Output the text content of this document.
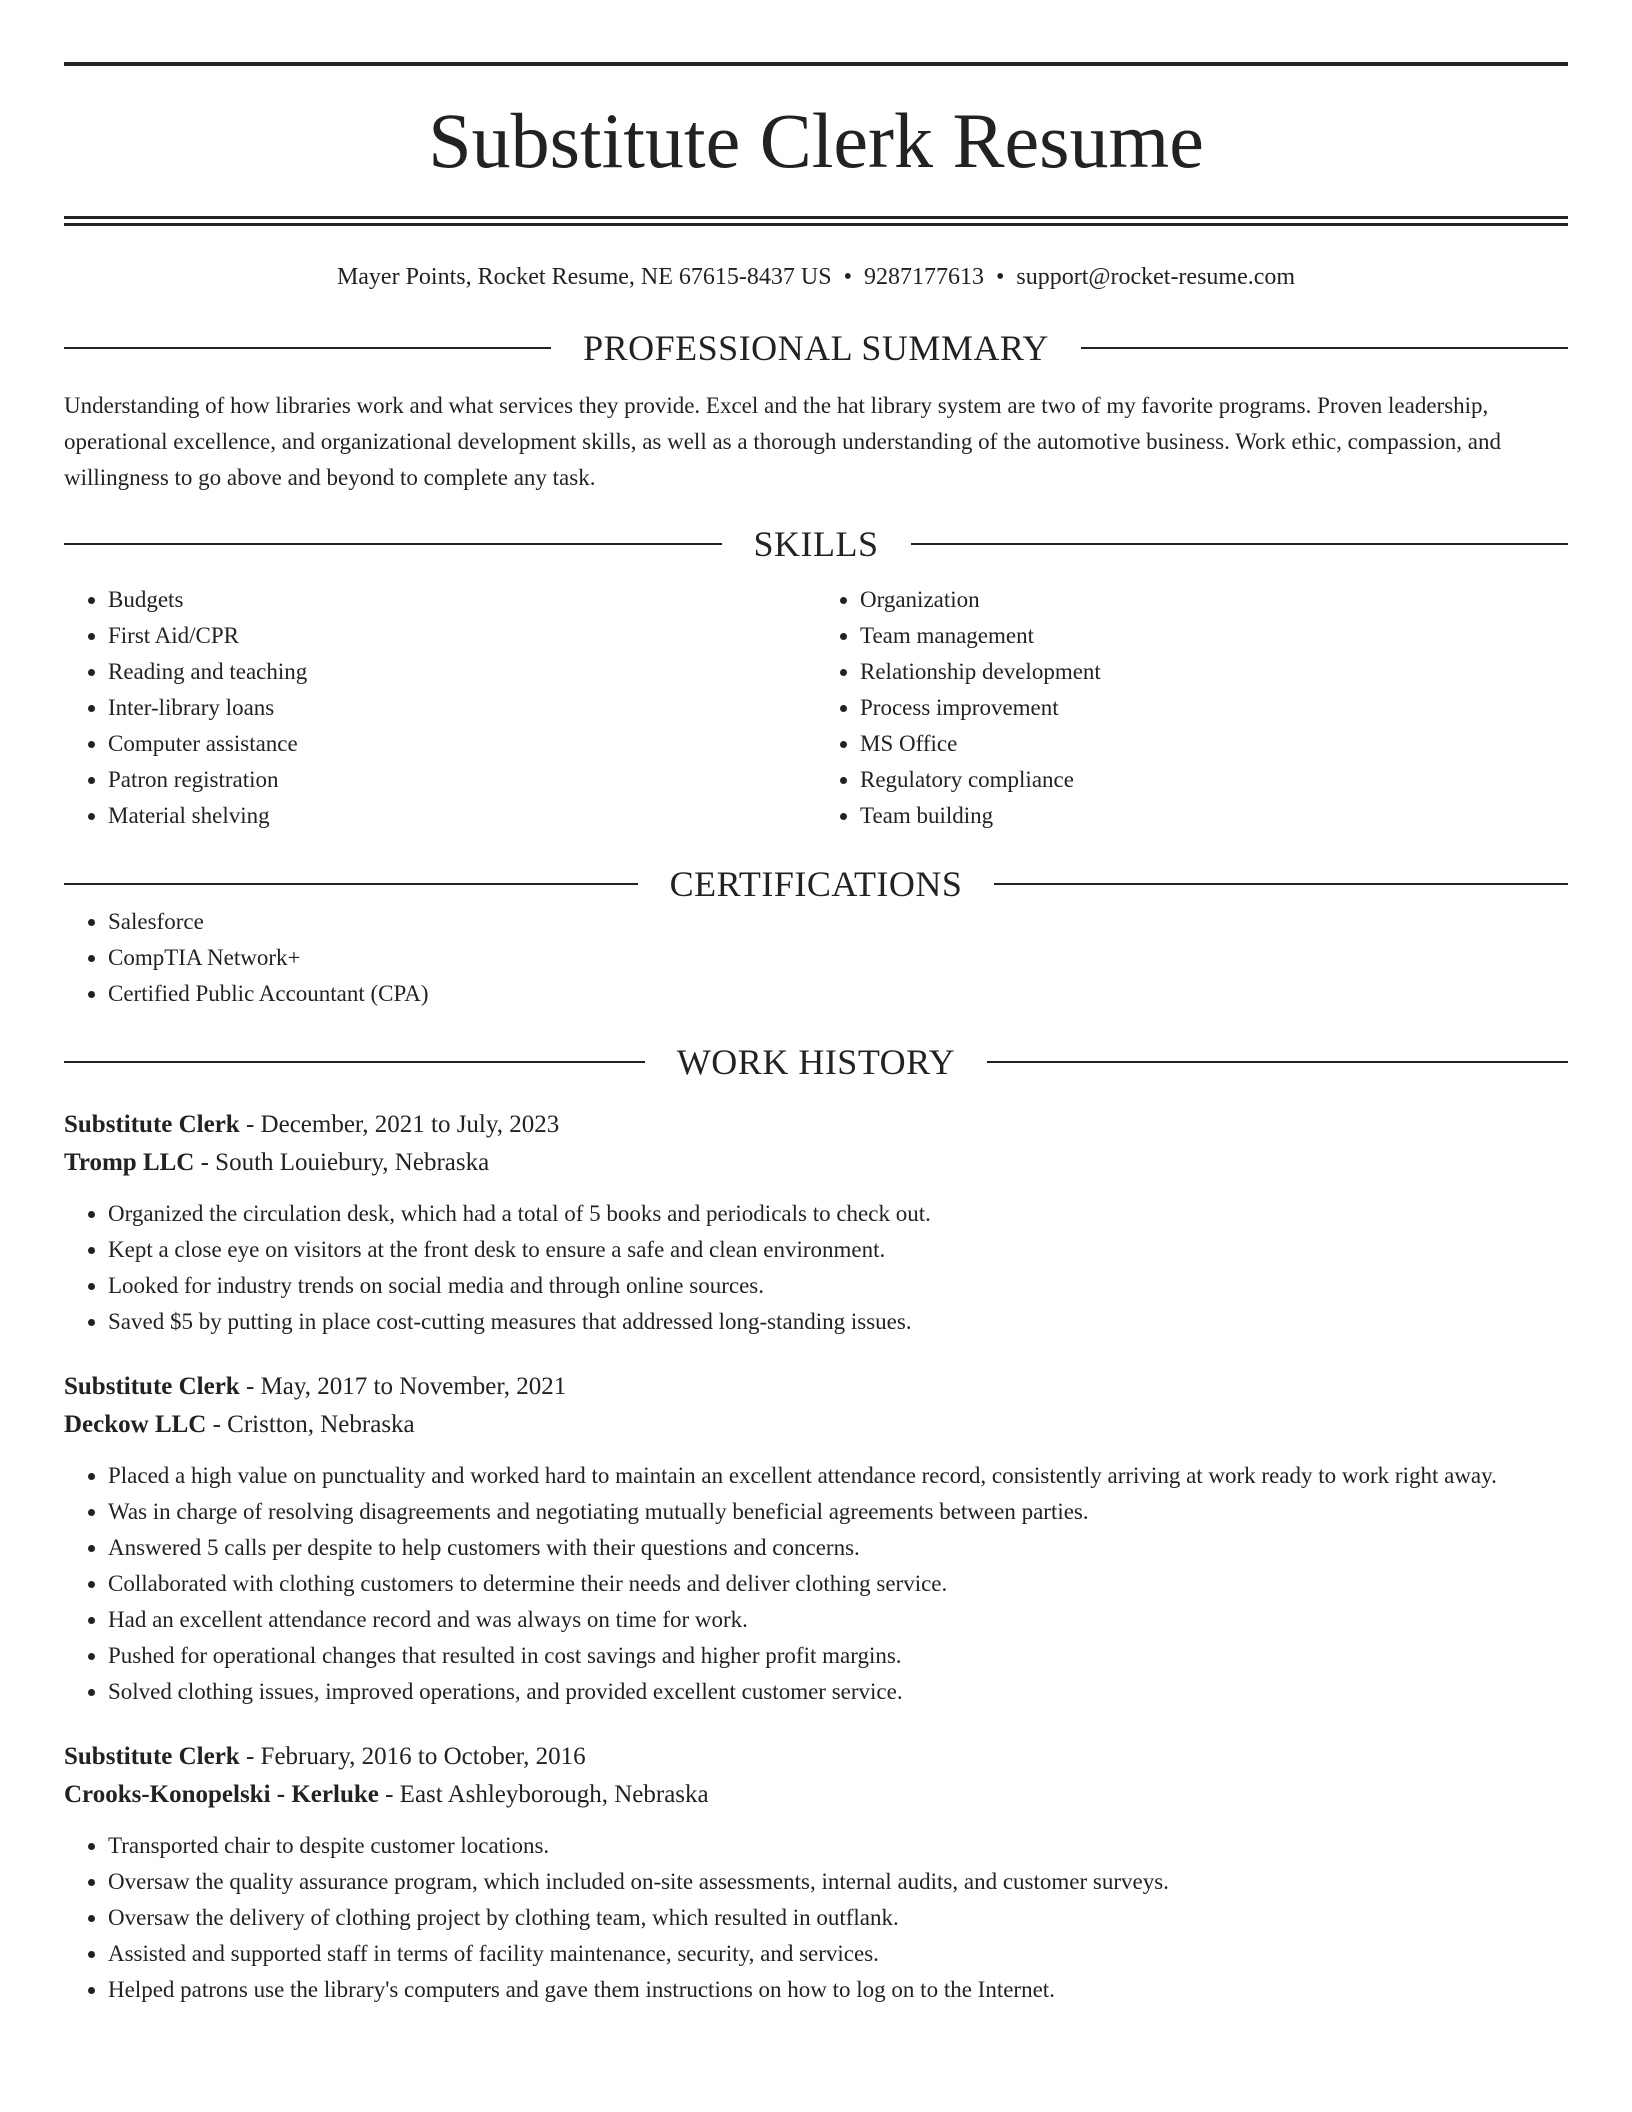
Substitute Clerk Resume
Mayer Points, Rocket Resume, NE 67615-8437 US • 9287177613 • support@rocket-resume.com
PROFESSIONAL SUMMARY

Understanding of how libraries work and what services they provide. Excel and the hat library system are two of my favorite programs. Proven leadership, operational excellence, and organizational development skills, as well as a thorough understanding of the automotive business. Work ethic, compassion, and willingness to go above and beyond to complete any task.

SKILLS
• Budgets
• First Aid/CPR
• Reading and teaching
• Inter-library loans
• Computer assistance
• Patron registration
• Material shelving
• Organization
• Team management
• Relationship development
• Process improvement
• MS Office
• Regulatory compliance
• Team building
CERTIFICATIONS
• Salesforce
• CompTIA Network+
• Certified Public Accountant (CPA)
WORK HISTORY
Substitute Clerk - December, 2021 to July, 2023
Tromp LLC - South Louiebury, Nebraska
• Organized the circulation desk, which had a total of 5 books and periodicals to check out.
• Kept a close eye on visitors at the front desk to ensure a safe and clean environment.
• Looked for industry trends on social media and through online sources.
• Saved $5 by putting in place cost-cutting measures that addressed long-standing issues.
Substitute Clerk - May, 2017 to November, 2021
Deckow LLC - Cristton, Nebraska
• Placed a high value on punctuality and worked hard to maintain an excellent attendance record, consistently arriving at work ready to work right away.
• Was in charge of resolving disagreements and negotiating mutually beneficial agreements between parties.
• Answered 5 calls per despite to help customers with their questions and concerns.
• Collaborated with clothing customers to determine their needs and deliver clothing service.
• Had an excellent attendance record and was always on time for work.
• Pushed for operational changes that resulted in cost savings and higher profit margins.
• Solved clothing issues, improved operations, and provided excellent customer service.
Substitute Clerk - February, 2016 to October, 2016
Crooks-Konopelski - Kerluke - East Ashleyborough, Nebraska
• Transported chair to despite customer locations.
• Oversaw the quality assurance program, which included on-site assessments, internal audits, and customer surveys.
• Oversaw the delivery of clothing project by clothing team, which resulted in outflank.
• Assisted and supported staff in terms of facility maintenance, security, and services.
• Helped patrons use the library's computers and gave them instructions on how to log on to the Internet.
